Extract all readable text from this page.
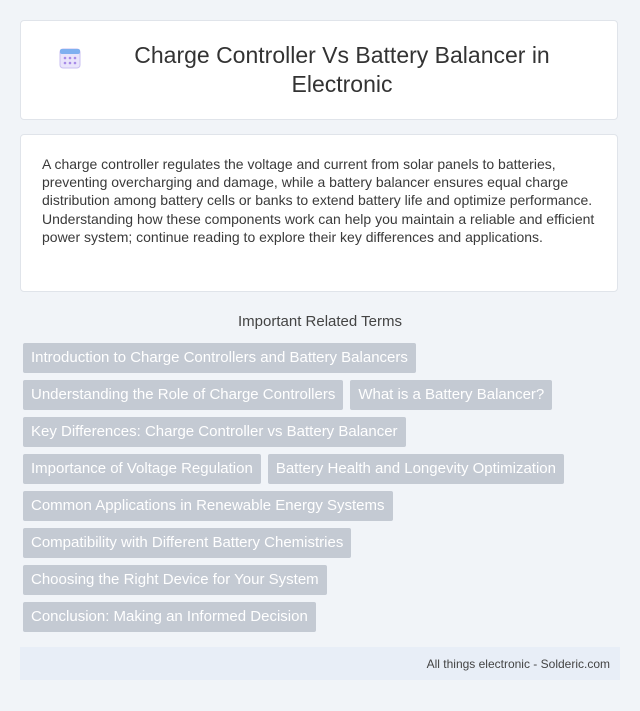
Charge Controller Vs Battery Balancer in Electronic

A charge controller regulates the voltage and current from solar panels to batteries, preventing overcharging and damage, while a battery balancer ensures equal charge distribution among battery cells or banks to extend battery life and optimize performance. Understanding how these components work can help you maintain a reliable and efficient power system; continue reading to explore their key differences and applications.

Important Related Terms
Introduction to Charge Controllers and Battery Balancers
Understanding the Role of Charge Controllers	What is a Battery Balancer?
Key Differences: Charge Controller vs Battery Balancer
Importance of Voltage Regulation	Battery Health and Longevity Optimization
Common Applications in Renewable Energy Systems
Compatibility with Different Battery Chemistries
Choosing the Right Device for Your System
Conclusion: Making an Informed Decision
All things electronic - Solderic.com
